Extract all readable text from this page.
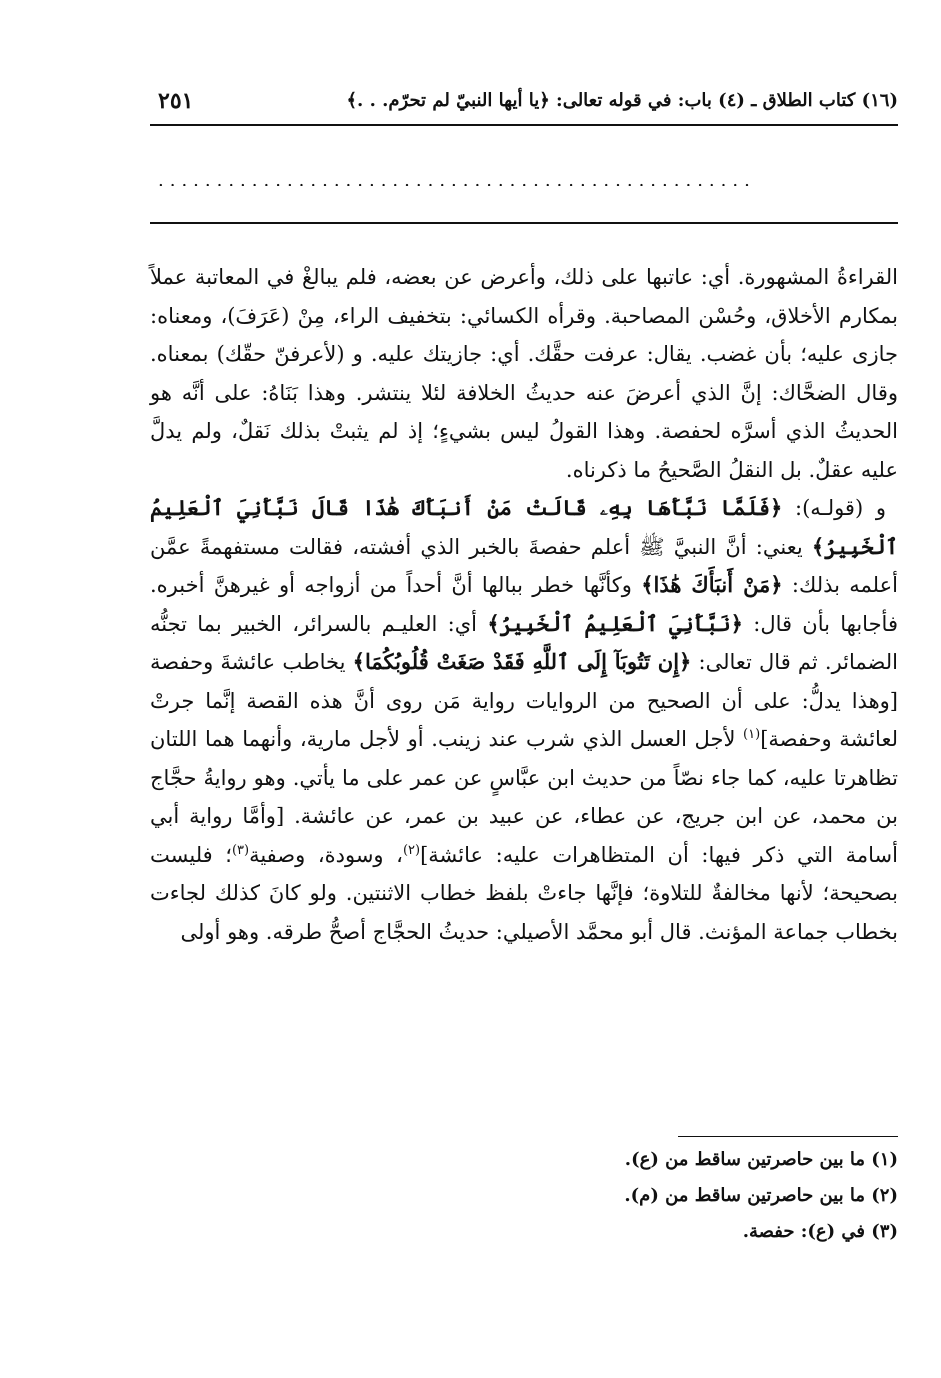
(١٦) كتاب الطلاق ـ (٤) باب: في قوله تعالى: ﴿يا أيها النبيّ لم تحرّم. . .﴾
٢٥١
...................................................

القراءةُ المشهورة. أي: عاتبها على ذلك، وأعرض عن بعضه، فلم يبالغْ في المعاتبة عملاً بمكارم الأخلاق، وحُسْن المصاحبة. وقرأه الكسائي: بتخفيف الراء، مِنْ (عَرَفَ)، ومعناه: جازى عليه؛ بأن غضب. يقال: عرفت حقَّك. أي: جازيتك عليه. و (لأعرفنّ حقّك) بمعناه. وقال الضحَّاك: إنَّ الذي أعرضَ عنه حديثُ الخلافة لئلا ينتشر. وهذا بَنَاهُ: على أنَّه هو الحديثُ الذي أسرَّه لحفصة. وهذا القولُ ليس بشيءٍ؛ إذ لم يثبتْ بذلك نَقلٌ، ولم يدلَّ عليه عقلٌ. بل النقلُ الصَّحيحُ ما ذكرناه.

و (قولـه): ﴿فَلَمَّا نَبَّأَهَا بِهِۦ قَالَتْ مَنْ أَنبَأَكَ هَٰذَا قَالَ نَبَّأَنِيَ ٱلْعَلِيمُ ٱلْخَبِيرُ﴾ يعني: أنَّ النبيَّ ﷺ أعلم حفصةَ بالخبر الذي أفشته، فقالت مستفهمةً عمَّن أعلمه بذلك: ﴿مَنْ أَنبَأَكَ هَٰذَا﴾ وكأنَّها خطر ببالها أنَّ أحداً من أزواجه أو غيرهنَّ أخبره. فأجابها بأن قال: ﴿نَبَّأَنِيَ ٱلْعَلِيمُ ٱلْخَبِيرُ﴾ أي: العليـم بالسرائر، الخبير بما تجنُّه الضمائر. ثم قال تعالى: ﴿إِن تَتُوبَآ إِلَى ٱللَّهِ فَقَدْ صَغَتْ قُلُوبُكُمَا﴾ يخاطب عائشةَ وحفصة [وهذا يدلُّ: على أن الصحيح من الروايات رواية مَن روى أنَّ هذه القصة إنَّما جرتْ لعائشة وحفصة]$^{(١)}$ لأجل العسل الذي شرب عند زينب. أو لأجل مارية، وأنهما هما اللتان تظاهرتا عليه، كما جاء نصّاً من حديث ابن عبَّاسٍ عن عمر على ما يأتي. وهو روايةُ حجَّاج بن محمد، عن ابن جريج، عن عطاء، عن عبيد بن عمر، عن عائشة. [وأمَّا رواية أبي أسامة التي ذكر فيها: أن المتظاهرات عليه: عائشة]$^{(٢)}$، وسودة، وصفية$^{(٣)}$؛ فليست بصحيحة؛ لأنها مخالفةٌ للتلاوة؛ فإنَّها جاءتْ بلفظ خطاب الاثنتين. ولو كانَ كذلك لجاءت بخطاب جماعة المؤنث. قال أبو محمَّد الأصيلي: حديثُ الحجَّاج أصحُّ طرقه. وهو أولى

(١) ما بين حاصرتين ساقط من (ع).
(٢) ما بين حاصرتين ساقط من (م).
(٣) في (ع): حفصة.
